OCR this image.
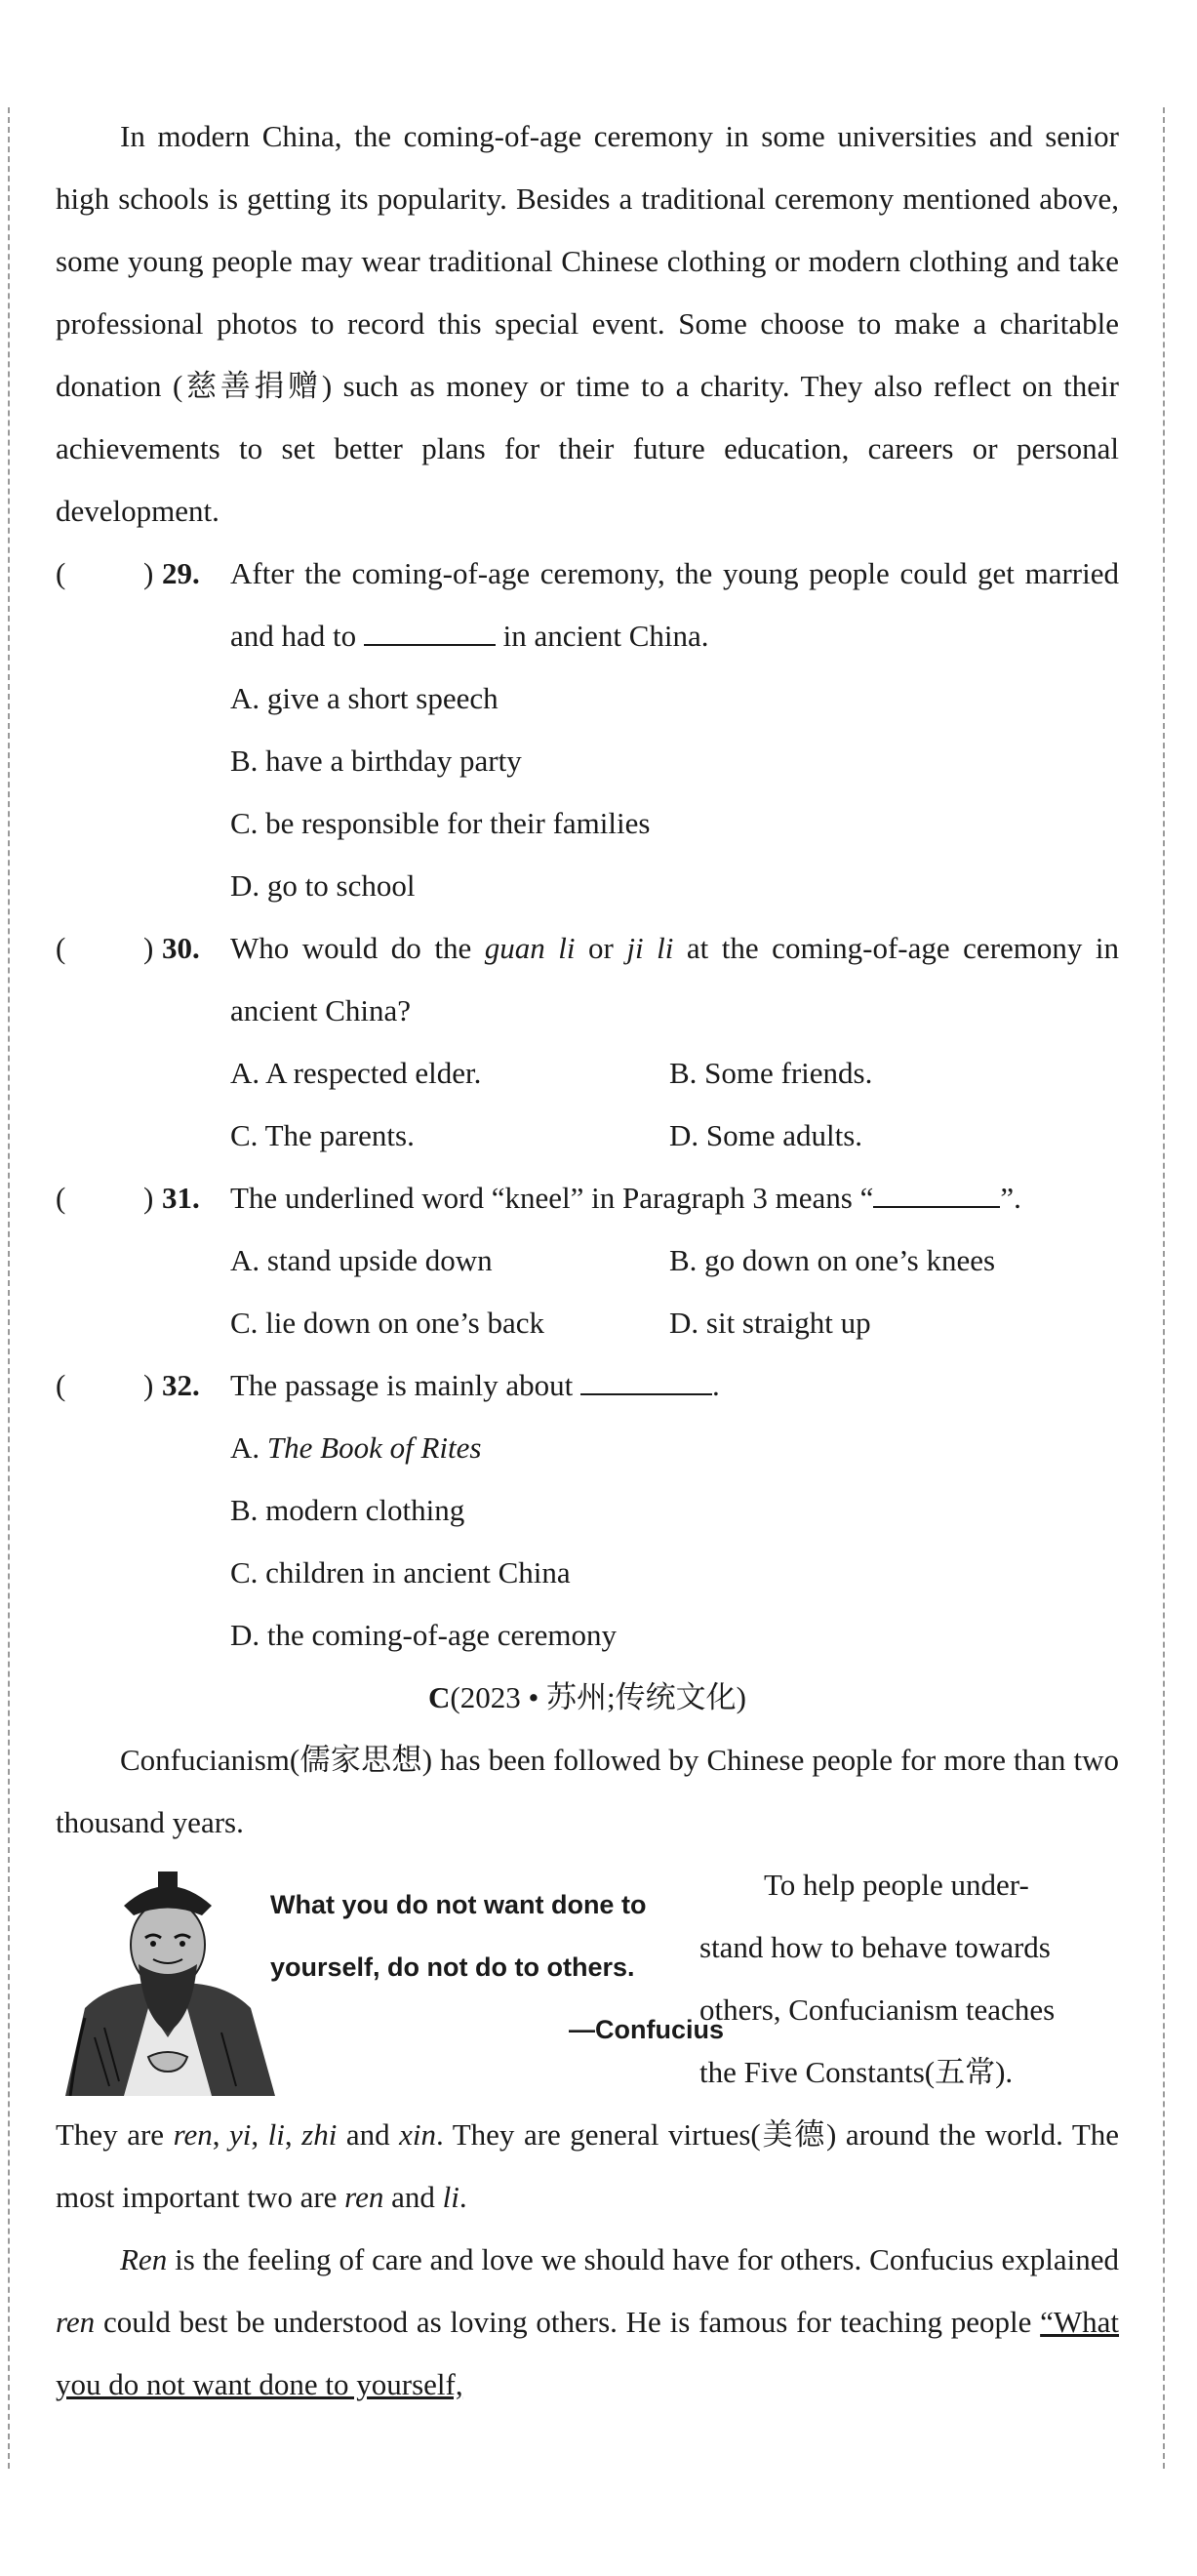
In modern China, the coming-of-age ceremony in some universities and senior high schools is getting its popularity. Besides a traditional ceremony mentioned above, some young people may wear traditional Chinese clothing or modern clothing and take professional photos to record this special event. Some choose to make a charitable donation (慈善捐赠) such as money or time to a charity. They also reflect on their achievements to set better plans for their future education, careers or personal development.

(	) 29. After the coming-of-age ceremony, the young people could get married and had to	in ancient China.
A. give a short speech
B. have a birthday party
C. be responsible for their families
D. go to school
(	) 30. Who would do the guan li or ji li at the coming-of-age ceremony in ancient China?
A. A respected elder.	B. Some friends.
C. The parents.	D. Some adults.
(	) 31. The underlined word “kneel” in Paragraph 3 means “	”.
A. stand upside down	B. go down on one’s knees
C. lie down on one’s back	D. sit straight up
(	) 32. The passage is mainly about	.
A. The Book of Rites
B. modern clothing
C. children in ancient China
D. the coming-of-age ceremony
C(2023 • 苏州;传统文化)

Confucianism(儒家思想) has been followed by Chinese people for more than two thousand years.

What you do not want done to
yourself, do not do to others.
—Confucius
To help people under-
stand how to behave towards
others, Confucianism teaches
the Five Constants(五常).

They are ren, yi, li, zhi and xin. They are general virtues(美德) around the world. The most important two are ren and li.

Ren is the feeling of care and love we should have for others. Confucius explained ren could best be understood as loving others. He is famous for teaching people “What you do not want done to yourself,
